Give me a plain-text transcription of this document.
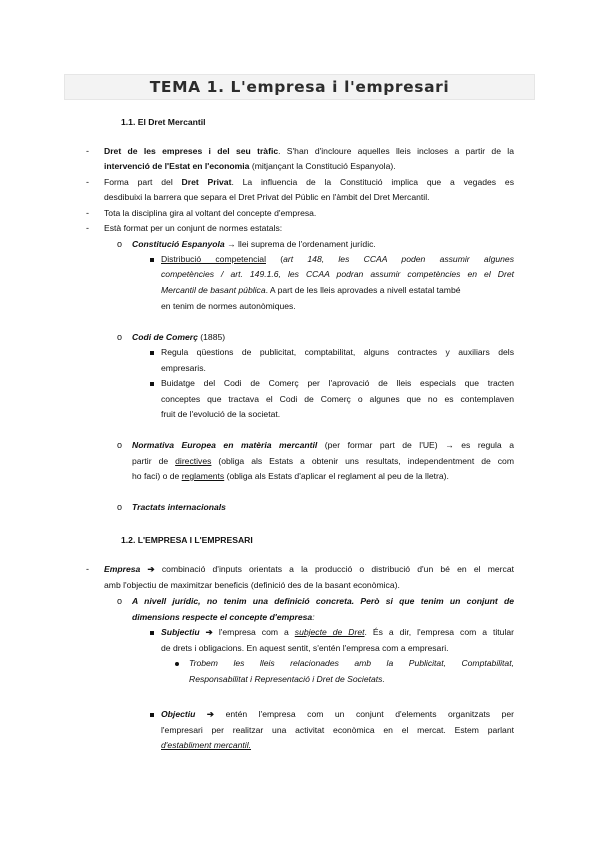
TEMA 1. L'empresa i l'empresari
1.1. El Dret Mercantil
- Dret de les empreses i del seu tràfic. S'han d'incloure aquelles lleis incloses a partir de la
intervenció de l'Estat en l'economia (mitjançant la Constitució Espanyola).
- Forma part del Dret Privat. La influencia de la Constitució implica que a vegades es
desdibuixi la barrera que separa el Dret Privat del Públic en l'àmbit del Dret Mercantil.
- Tota la disciplina gira al voltant del concepte d'empresa.
- Està format per un conjunt de normes estatals:
o Constitució Espanyola → llei suprema de l'ordenament jurídic.
Distribució competencial (art 148, les CCAA poden assumir algunes
competències / art. 149.1.6, les CCAA podran assumir competències en el Dret
Mercantil de basant pública. A part de les lleis aprovades a nivell estatal també
en tenim de normes autonòmiques.
o Codi de Comerç (1885)
Regula qüestions de publicitat, comptabilitat, alguns contractes y auxiliars dels
empresaris.
Buidatge del Codi de Comerç per l'aprovació de lleis especials que tracten
conceptes que tractava el Codi de Comerç o algunes que no es contemplaven
fruit de l'evolució de la societat.
o Normativa Europea en matèria mercantil (per formar part de l'UE) → es regula a
partir de directives (obliga als Estats a obtenir uns resultats, independentment de com
ho faci) o de reglaments (obliga als Estats d'aplicar el reglament al peu de la lletra).
o Tractats internacionals
1.2. L'EMPRESA I L'EMPRESARI
- Empresa ➔ combinació d'inputs orientats a la producció o distribució d'un bé en el mercat
amb l'objectiu de maximitzar beneficis (definició des de la basant econòmica).
o A nivell jurídic, no tenim una definició concreta. Però si que tenim un conjunt de
dimensions respecte el concepte d'empresa:
Subjectiu ➔ l'empresa com a subjecte de Dret. És a dir, l'empresa com a titular
de drets i obligacions. En aquest sentit, s'entén l'empresa com a empresari.
Trobem les lleis relacionades amb la Publicitat, Comptabilitat,
Responsabilitat i Representació i Dret de Societats.
Objectiu ➔ entén l'empresa com un conjunt d'elements organitzats per
l'empresari per realitzar una activitat econòmica en el mercat. Estem parlant
d'establiment mercantil.
